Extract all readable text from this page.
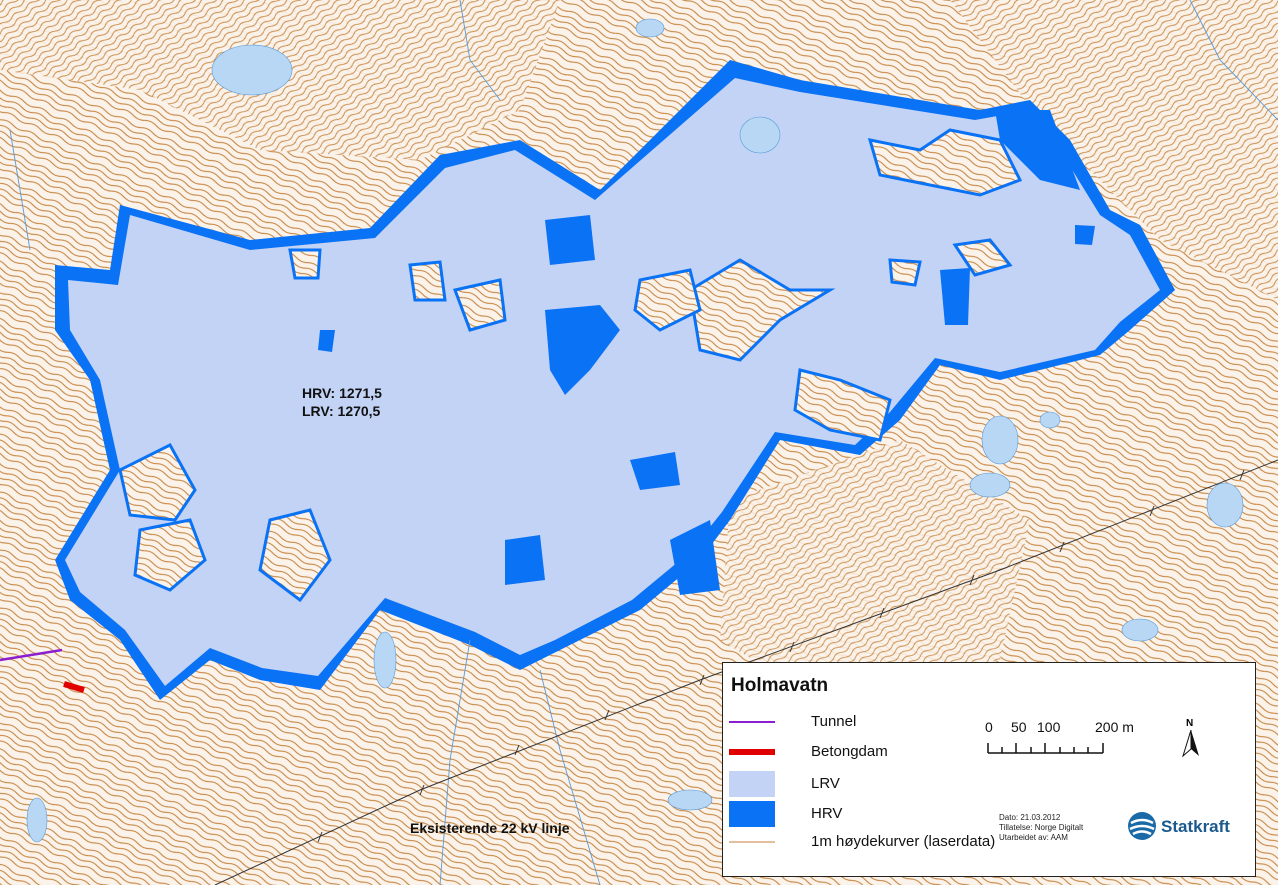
HRV: 1271,5
LRV: 1270,5
Eksisterende 22 kV linje
Holmavatn
Tunnel
Betongdam
LRV
HRV
1m høydekurver (laserdata)
0 50 100 200 m	N
Dato: 21.03.2012
Tillatelse: Norge Digitalt
Utarbeidet av: AAM
Statkraft
